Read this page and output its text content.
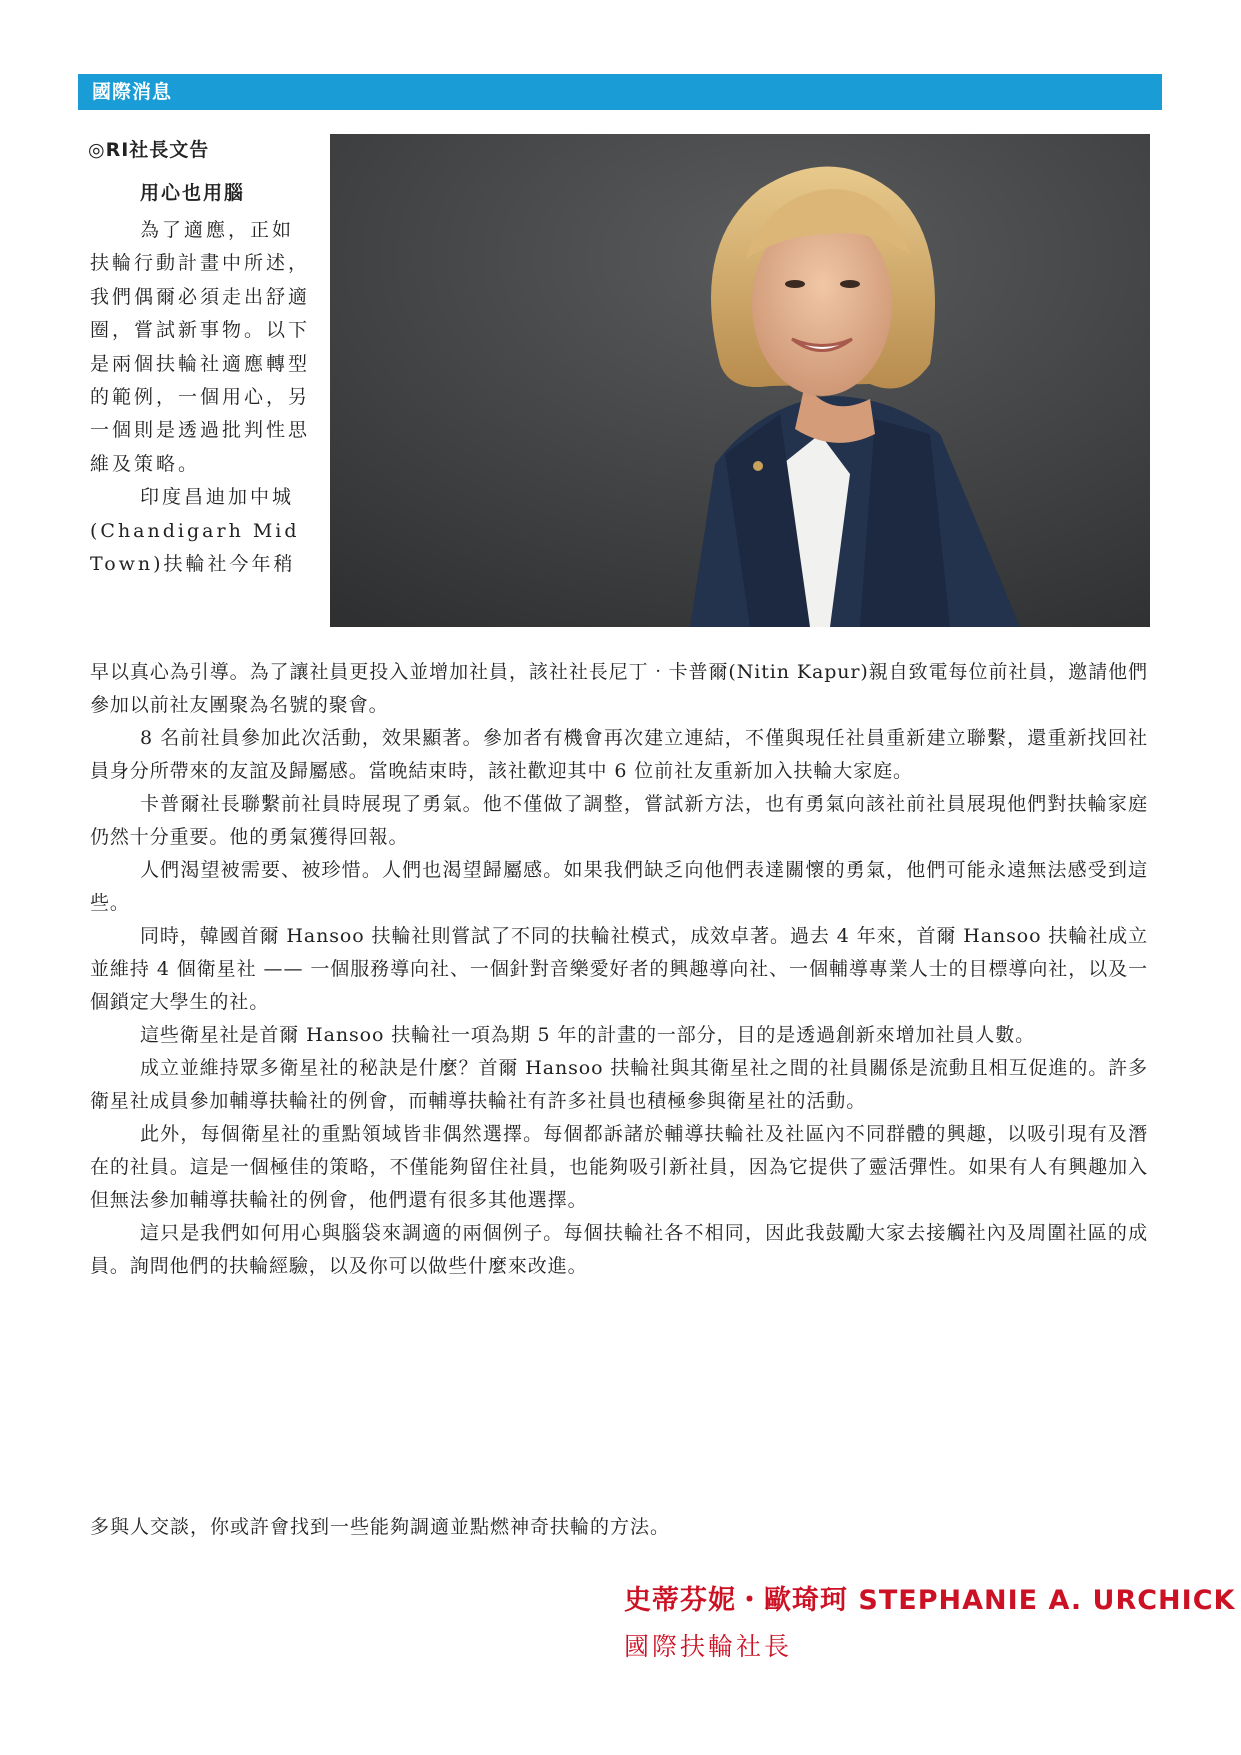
國際消息
◎RI社長文告
用心也用腦

為了適應，正如扶輪行動計畫中所述，我們偶爾必須走出舒適圈，嘗試新事物。以下是兩個扶輪社適應轉型的範例，一個用心，另一個則是透過批判性思維及策略。

印度昌迪加中城(Chandigarh Mid Town)扶輪社今年稍

早以真心為引導。為了讓社員更投入並增加社員，該社社長尼丁‧卡普爾(Nitin Kapur)親自致電每位前社員，邀請他們參加以前社友團聚為名號的聚會。

8 名前社員參加此次活動，效果顯著。參加者有機會再次建立連結，不僅與現任社員重新建立聯繫，還重新找回社員身分所帶來的友誼及歸屬感。當晚結束時，該社歡迎其中 6 位前社友重新加入扶輪大家庭。

卡普爾社長聯繫前社員時展現了勇氣。他不僅做了調整，嘗試新方法，也有勇氣向該社前社員展現他們對扶輪家庭仍然十分重要。他的勇氣獲得回報。

人們渴望被需要、被珍惜。人們也渴望歸屬感。如果我們缺乏向他們表達關懷的勇氣，他們可能永遠無法感受到這些。

同時，韓國首爾 Hansoo 扶輪社則嘗試了不同的扶輪社模式，成效卓著。過去 4 年來，首爾 Hansoo 扶輪社成立並維持 4 個衛星社 —— 一個服務導向社、一個針對音樂愛好者的興趣導向社、一個輔導專業人士的目標導向社，以及一個鎖定大學生的社。

這些衛星社是首爾 Hansoo 扶輪社一項為期 5 年的計畫的一部分，目的是透過創新來增加社員人數。

成立並維持眾多衛星社的秘訣是什麼？首爾 Hansoo 扶輪社與其衛星社之間的社員關係是流動且相互促進的。許多衛星社成員參加輔導扶輪社的例會，而輔導扶輪社有許多社員也積極參與衛星社的活動。

此外，每個衛星社的重點領域皆非偶然選擇。每個都訴諸於輔導扶輪社及社區內不同群體的興趣，以吸引現有及潛在的社員。這是一個極佳的策略，不僅能夠留住社員，也能夠吸引新社員，因為它提供了靈活彈性。如果有人有興趣加入但無法參加輔導扶輪社的例會，他們還有很多其他選擇。

這只是我們如何用心與腦袋來調適的兩個例子。每個扶輪社各不相同，因此我鼓勵大家去接觸社內及周圍社區的成員。詢問他們的扶輪經驗，以及你可以做些什麼來改進。

多與人交談，你或許會找到一些能夠調適並點燃神奇扶輪的方法。
史蒂芬妮・歐琦珂 STEPHANIE A. URCHICK
國際扶輪社長
